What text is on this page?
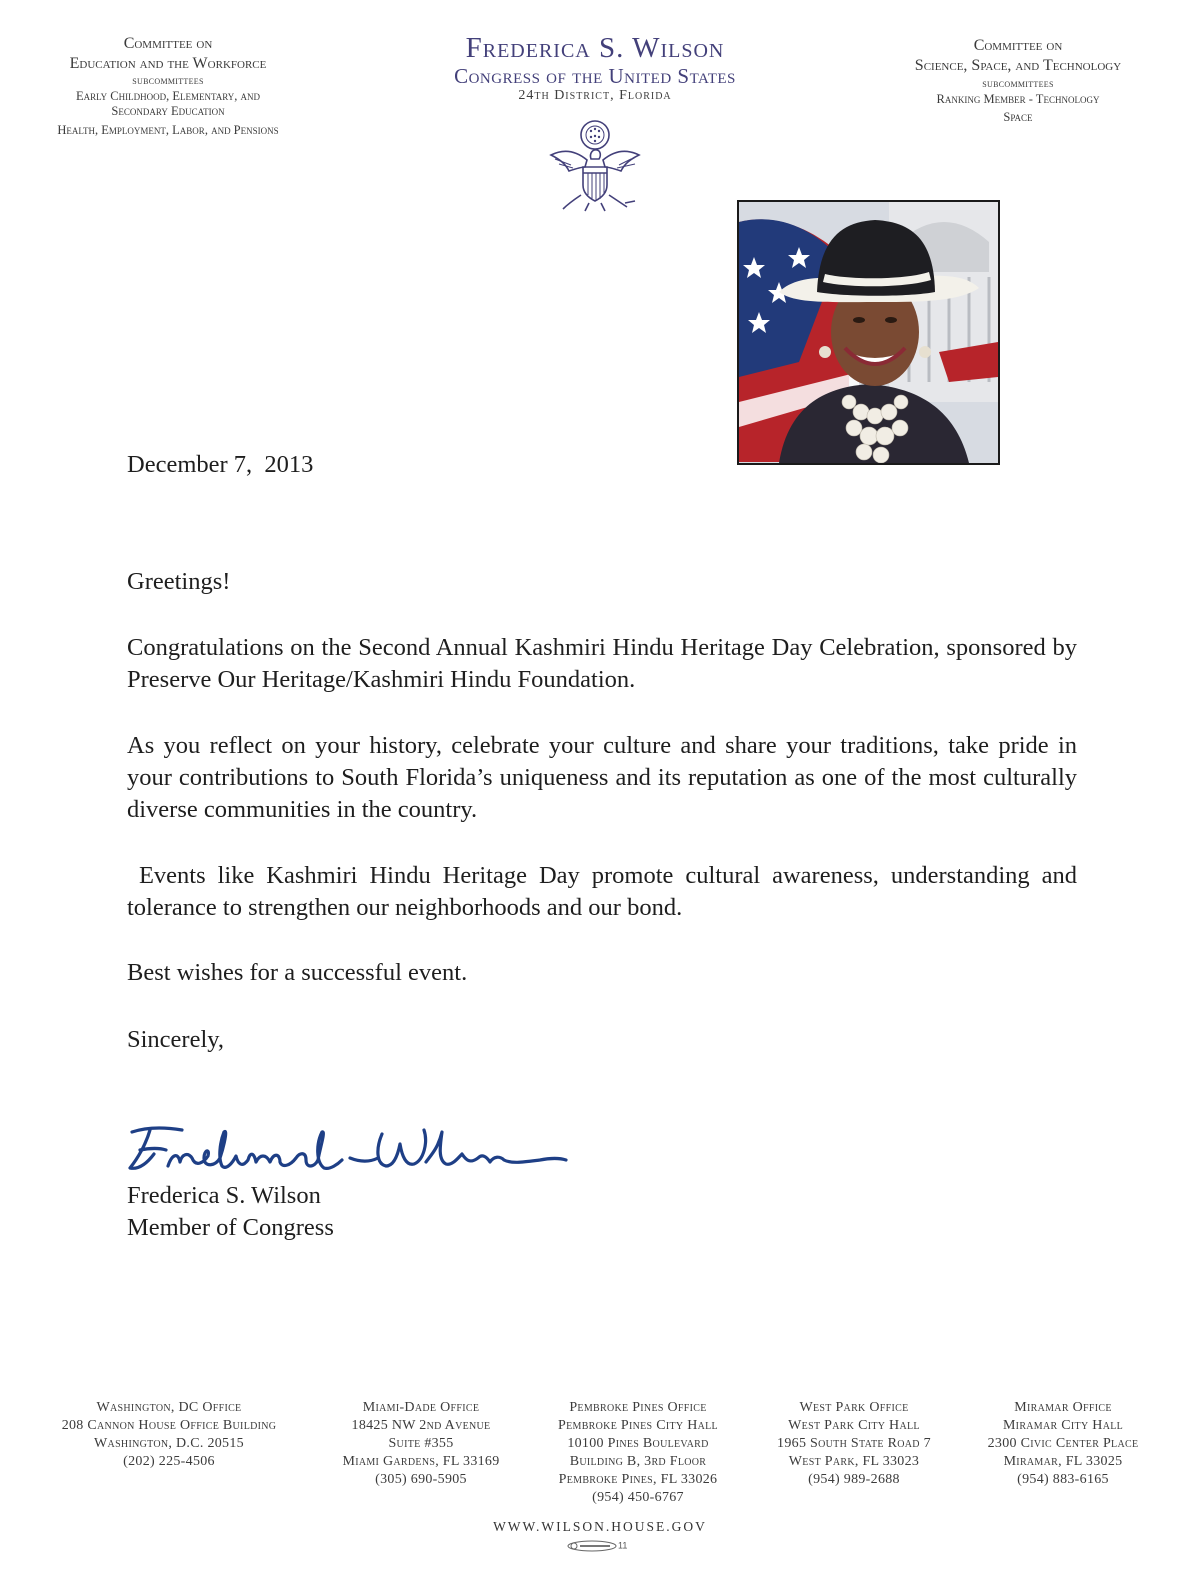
Committee on
Education and the Workforce
subcommittees
Early Childhood, Elementary, and
Secondary Education
Health, Employment, Labor, and Pensions
Frederica S. Wilson
Congress of the United States
24th District, Florida
Committee on
Science, Space, and Technology
subcommittees
Ranking Member - Technology
Space
December 7,  2013
Greetings!
Congratulations on the Second Annual Kashmiri Hindu Heritage Day Celebration, sponsored by Preserve Our Heritage/Kashmiri Hindu Foundation.
As you reflect on your history, celebrate your culture and share your traditions, take pride in your contributions to South Florida’s uniqueness and its reputation as one of the most culturally diverse communities in the country.
Events like Kashmiri Hindu Heritage Day promote cultural awareness, understanding and tolerance to strengthen our neighborhoods and our bond.
Best wishes for a successful event.
Sincerely,
Frederica S. Wilson
Member of Congress
Washington, DC Office
208 Cannon House Office Building
Washington, D.C. 20515
(202) 225-4506
Miami-Dade Office
18425 NW 2nd Avenue
Suite #355
Miami Gardens, FL 33169
(305) 690-5905
Pembroke Pines Office
Pembroke Pines City Hall
10100 Pines Boulevard
Building B, 3rd Floor
Pembroke Pines, FL 33026
(954) 450-6767
West Park Office
West Park City Hall
1965 South State Road 7
West Park, FL 33023
(954) 989-2688
Miramar Office
Miramar City Hall
2300 Civic Center Place
Miramar, FL 33025
(954) 883-6165
WWW.WILSON.HOUSE.GOV
11
